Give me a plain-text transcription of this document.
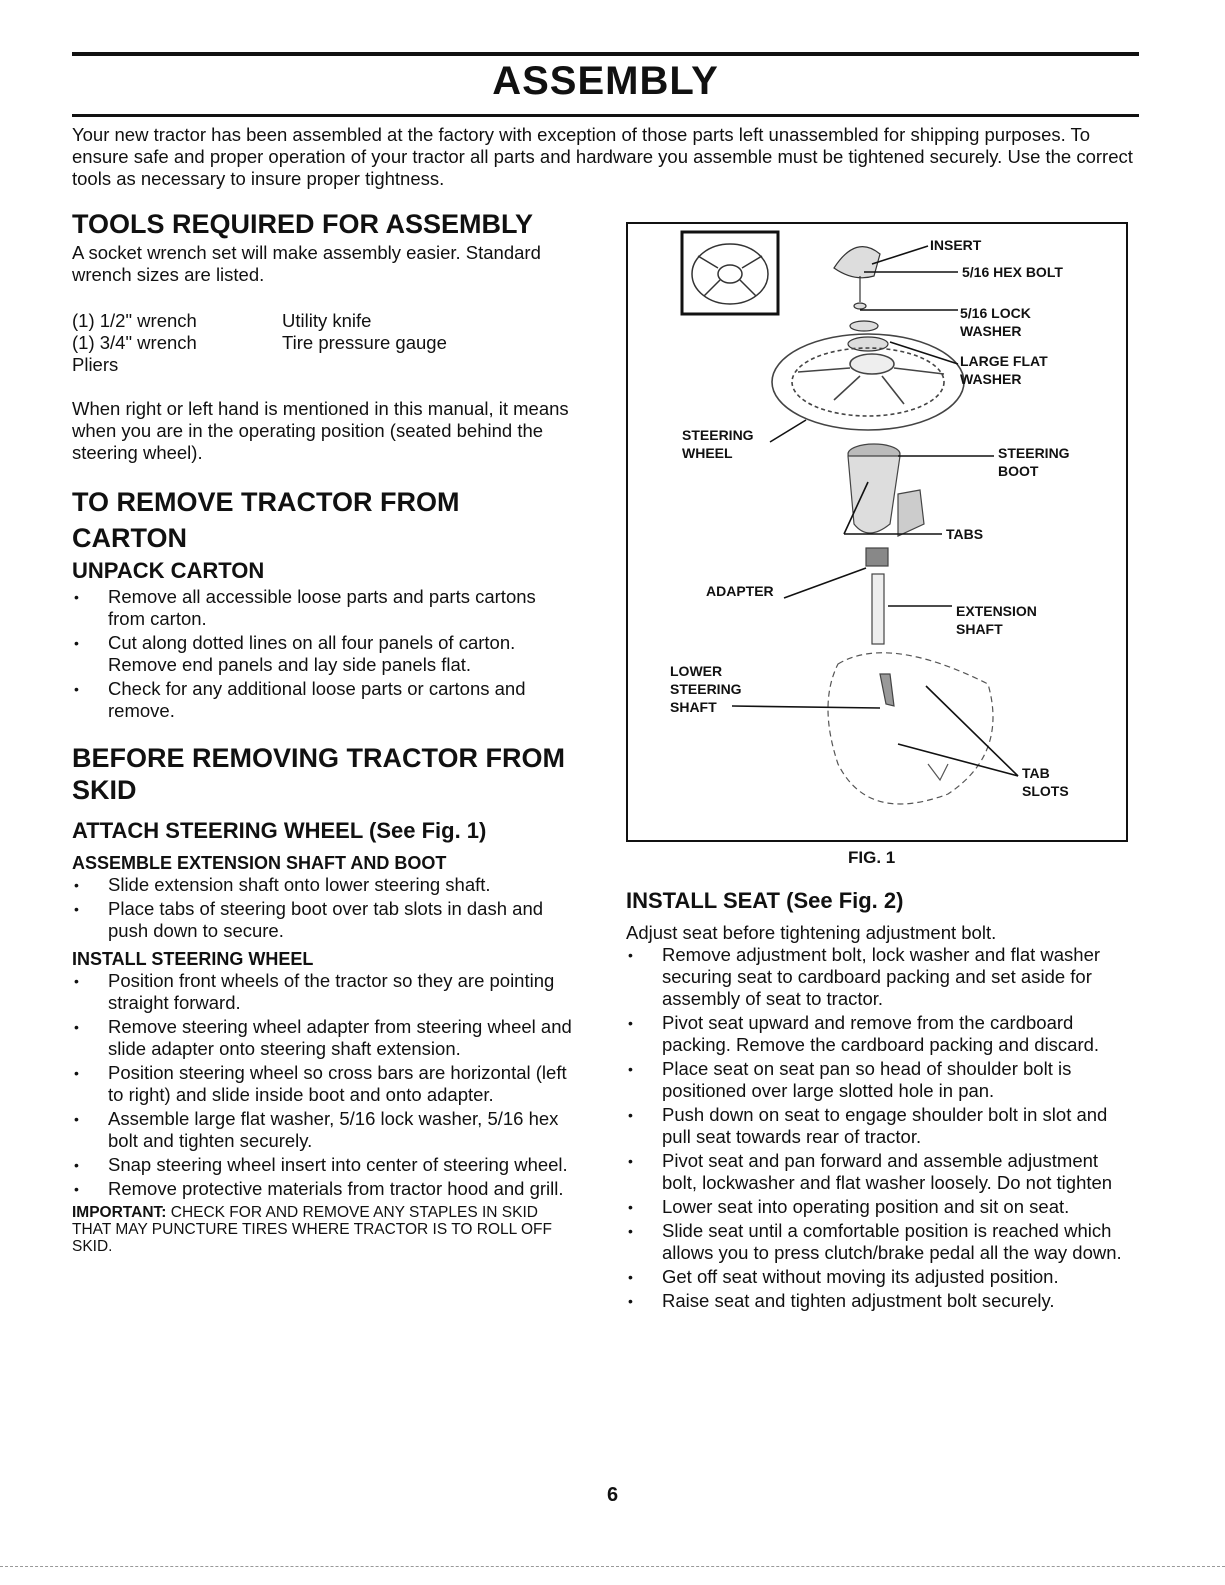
ASSEMBLY

Your new tractor has been assembled at the factory with exception of those parts left unassembled for shipping purposes. To ensure safe and proper operation of your tractor all parts and hardware you assemble must be tightened securely. Use the correct tools as necessary to insure proper tightness.

TOOLS REQUIRED FOR ASSEMBLY

A socket wrench set will make assembly easier. Standard wrench sizes are listed.

(1) 1/2" wrench	Utility knife
(1) 3/4" wrench	Tire pressure gauge
Pliers

When right or left hand is mentioned in this manual, it means when you are in the operating position (seated behind the steering wheel).

TO REMOVE TRACTOR FROM CARTON
UNPACK CARTON
• Remove all accessible loose parts and parts cartons from carton.
• Cut along dotted lines on all four panels of carton. Remove end panels and lay side panels flat.
• Check for any additional loose parts or cartons and remove.
BEFORE REMOVING TRACTOR FROM SKID
ATTACH STEERING WHEEL (See Fig. 1)
ASSEMBLE EXTENSION SHAFT AND BOOT
• Slide extension shaft onto lower steering shaft.
• Place tabs of steering boot over tab slots in dash and push down to secure.
INSTALL STEERING WHEEL
• Position front wheels of the tractor so they are pointing straight forward.
• Remove steering wheel adapter from steering wheel and slide adapter onto steering shaft extension.
• Position steering wheel so cross bars are horizontal (left to right) and slide inside boot and onto adapter.
• Assemble large flat washer, 5/16 lock washer, 5/16 hex bolt and tighten securely.
• Snap steering wheel insert into center of steering wheel.
• Remove protective materials from tractor hood and grill.

IMPORTANT: CHECK FOR AND REMOVE ANY STAPLES IN SKID THAT MAY PUNCTURE TIRES WHERE TRACTOR IS TO ROLL OFF SKID.

INSERT
5/16 HEX BOLT
5/16 LOCK
WASHER
LARGE FLAT
WASHER
STEERING
WHEEL	STEERING
BOOT
TABS
ADAPTER
EXTENSION
SHAFT
LOWER
STEERING
SHAFT
TAB
SLOTS
FIG. 1
INSTALL SEAT (See Fig. 2)

Adjust seat before tightening adjustment bolt.

• Remove adjustment bolt, lock washer and flat washer securing seat to cardboard packing and set aside for assembly of seat to tractor.
• Pivot seat upward and remove from the cardboard packing. Remove the cardboard packing and discard.
• Place seat on seat pan so head of shoulder bolt is positioned over large slotted hole in pan.
• Push down on seat to engage shoulder bolt in slot and pull seat towards rear of tractor.
• Pivot seat and pan forward and assemble adjustment bolt, lockwasher and flat washer loosely. Do not tighten
• Lower seat into operating position and sit on seat.
• Slide seat until a comfortable position is reached which allows you to press clutch/brake pedal all the way down.
• Get off seat without moving its adjusted position.
• Raise seat and tighten adjustment bolt securely.
6
